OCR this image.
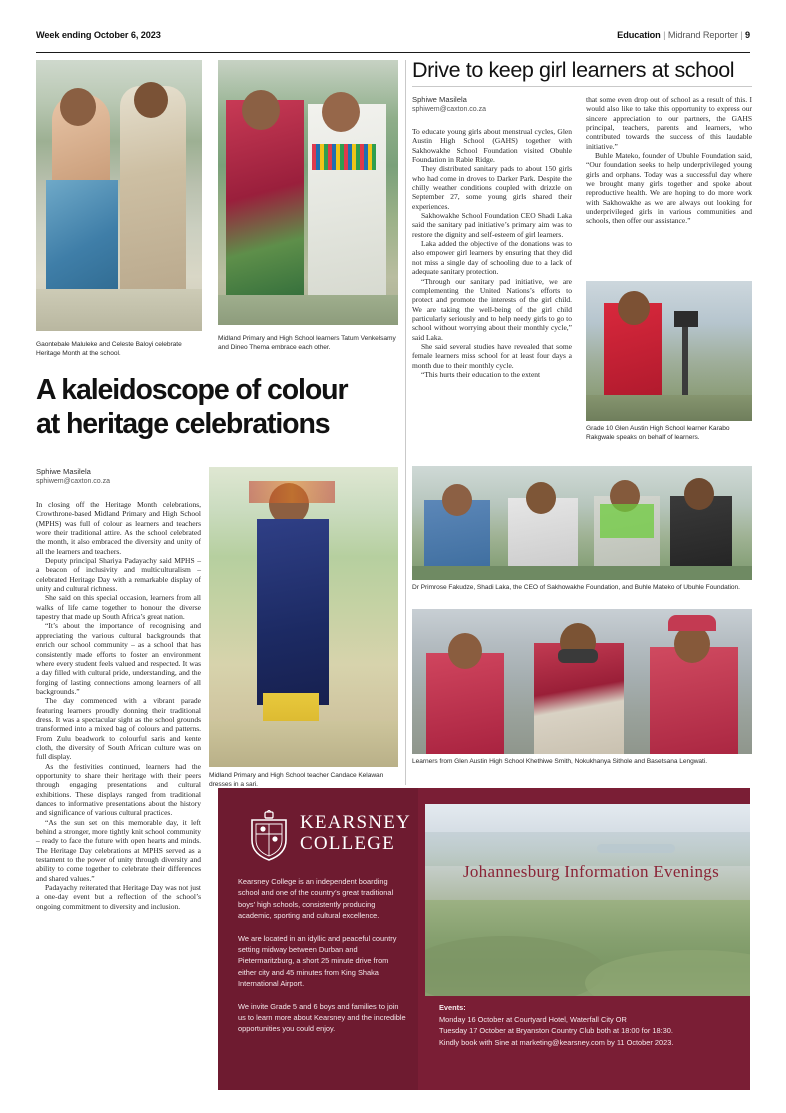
Week ending October 6, 2023	Education | Midrand Reporter | 9
Gaontebale Maluleke and Celeste Baloyi celebrate Heritage Month at the school.
Midland Primary and High School learners Tatum Venkelsamy and Dineo Thema embrace each other.
A kaleidoscope of colour
at heritage celebrations
Sphiwe Masilela
sphiwem@caxton.co.za

In closing off the Heritage Month celebrations, Crowthrone-based Midland Primary and High School (MPHS) was full of colour as learners and teachers wore their traditional attire. As the school celebrated the month, it also embraced the diversity and unity of all the learners and teachers.

Deputy principal Shariya Padayachy said MPHS – a beacon of inclusivity and multiculturalism – celebrated Heritage Day with a remarkable display of unity and cultural richness.

She said on this special occasion, learners from all walks of life came together to honour the diverse tapestry that made up South Africa’s great nation.

“It’s about the importance of recognising and appreciating the various cultural backgrounds that enrich our school community – as a school that has consistently made efforts to foster an environment where every student feels valued and respected. It was a day filled with cultural pride, understanding, and the forging of lasting connections among learners of all backgrounds.”

The day commenced with a vibrant parade featuring learners proudly donning their traditional dress. It was a spectacular sight as the school grounds transformed into a mixed bag of colours and patterns. From Zulu beadwork to colourful saris and kente cloth, the diversity of South African culture was on full display.

As the festivities continued, learners had the opportunity to share their heritage with their peers through engaging presentations and cultural exhibitions. These displays ranged from traditional dances to informative presentations about the history and significance of various cultural practices.

“As the sun set on this memorable day, it left behind a stronger, more tightly knit school community – ready to face the future with open hearts and minds. The Heritage Day celebrations at MPHS served as a testament to the power of unity through diversity and ability to come together to celebrate their differences and shared values.”

Padayachy reiterated that Heritage Day was not just a one-day event but a reflection of the school’s ongoing commitment to diversity and inclusion.

Midland Primary and High School teacher Candace Kelawan dresses in a sari.
Drive to keep girl learners at school
Sphiwe Masilela
sphiwem@caxton.co.za

To educate young girls about menstrual cycles, Glen Austin High School (GAHS) together with Sakhowakhe School Foundation visited Obuhle Foundation in Rabie Ridge.

They distributed sanitary pads to about 150 girls who had come in droves to Darker Park. Despite the chilly weather conditions coupled with drizzle on September 27, some young girls shared their experiences.

Sakhowakhe School Foundation CEO Shadi Laka said the sanitary pad initiative’s primary aim was to restore the dignity and self-esteem of girl learners.

Laka added the objective of the donations was to also empower girl learners by ensuring that they did not miss a single day of schooling due to a lack of adequate sanitary protection.

“Through our sanitary pad initiative, we are complementing the United Nations’s efforts to protect and promote the interests of the girl child. We are taking the well-being of the girl child particularly seriously and to help needy girls to go to school without worrying about their monthly cycle,” said Laka.

She said several studies have revealed that some female learners miss school for at least four days a month due to their monthly cycle.

“This hurts their education to the extent

that some even drop out of school as a result of this. I would also like to take this opportunity to express our sincere appreciation to our partners, the GAHS principal, teachers, parents and learners, who contributed towards the success of this laudable initiative.”

Buhle Mateko, founder of Ubuhle Foundation said, “Our foundation seeks to help underprivileged young girls and orphans. Today was a successful day where we brought many girls together and spoke about reproductive health. We are hoping to do more work with Sakhowakhe as we are always out looking for underprivileged girls in various communities and schools, then offer our assistance.”

Grade 10 Glen Austin High School learner Karabo Rakgwale speaks on behalf of learners.
Dr Primrose Fakudze, Shadi Laka, the CEO of Sakhowakhe Foundation, and Buhle Mateko of Ubuhle Foundation.
Learners from Glen Austin High School Khethiwe Smith, Nokukhanya Sithole and Basetsana Lengwati.
KEARSNEY
COLLEGE

Kearsney College is an independent boarding school and one of the country’s great traditional boys’ high schools, consistently producing academic, sporting and cultural excellence.

We are located in an idyllic and peaceful country setting midway between Durban and Pietermaritzburg, a short 25 minute drive from either city and 45 minutes from King Shaka International Airport.

We invite Grade 5 and 6 boys and families to join us to learn more about Kearsney and the incredible opportunities you could enjoy.

Johannesburg Information Evenings
Events:
Monday 16 October at Courtyard Hotel, Waterfall City OR
Tuesday 17 October at Bryanston Country Club both at 18:00 for 18:30.
Kindly book with Sine at marketing@kearsney.com by 11 October 2023.
